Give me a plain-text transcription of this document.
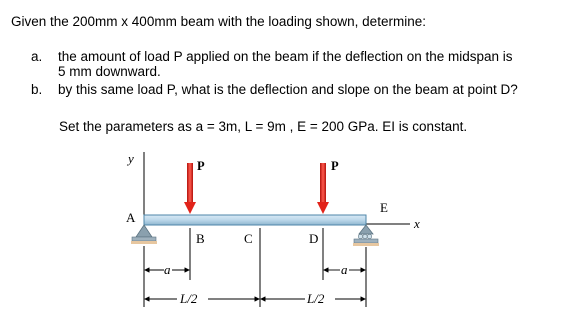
Given the 200mm x 400mm beam with the loading shown, determine:
a. the amount of load P applied on the beam if the deflection on the midspan is
5 mm downward.
b. by this same load P, what is the deflection and slope on the beam at point D?
Set the parameters as a = 3m, L = 9m , E = 200 GPa. EI is constant.
y
x
A
E
P	P
B	C	D
a	a
L/2	L/2
